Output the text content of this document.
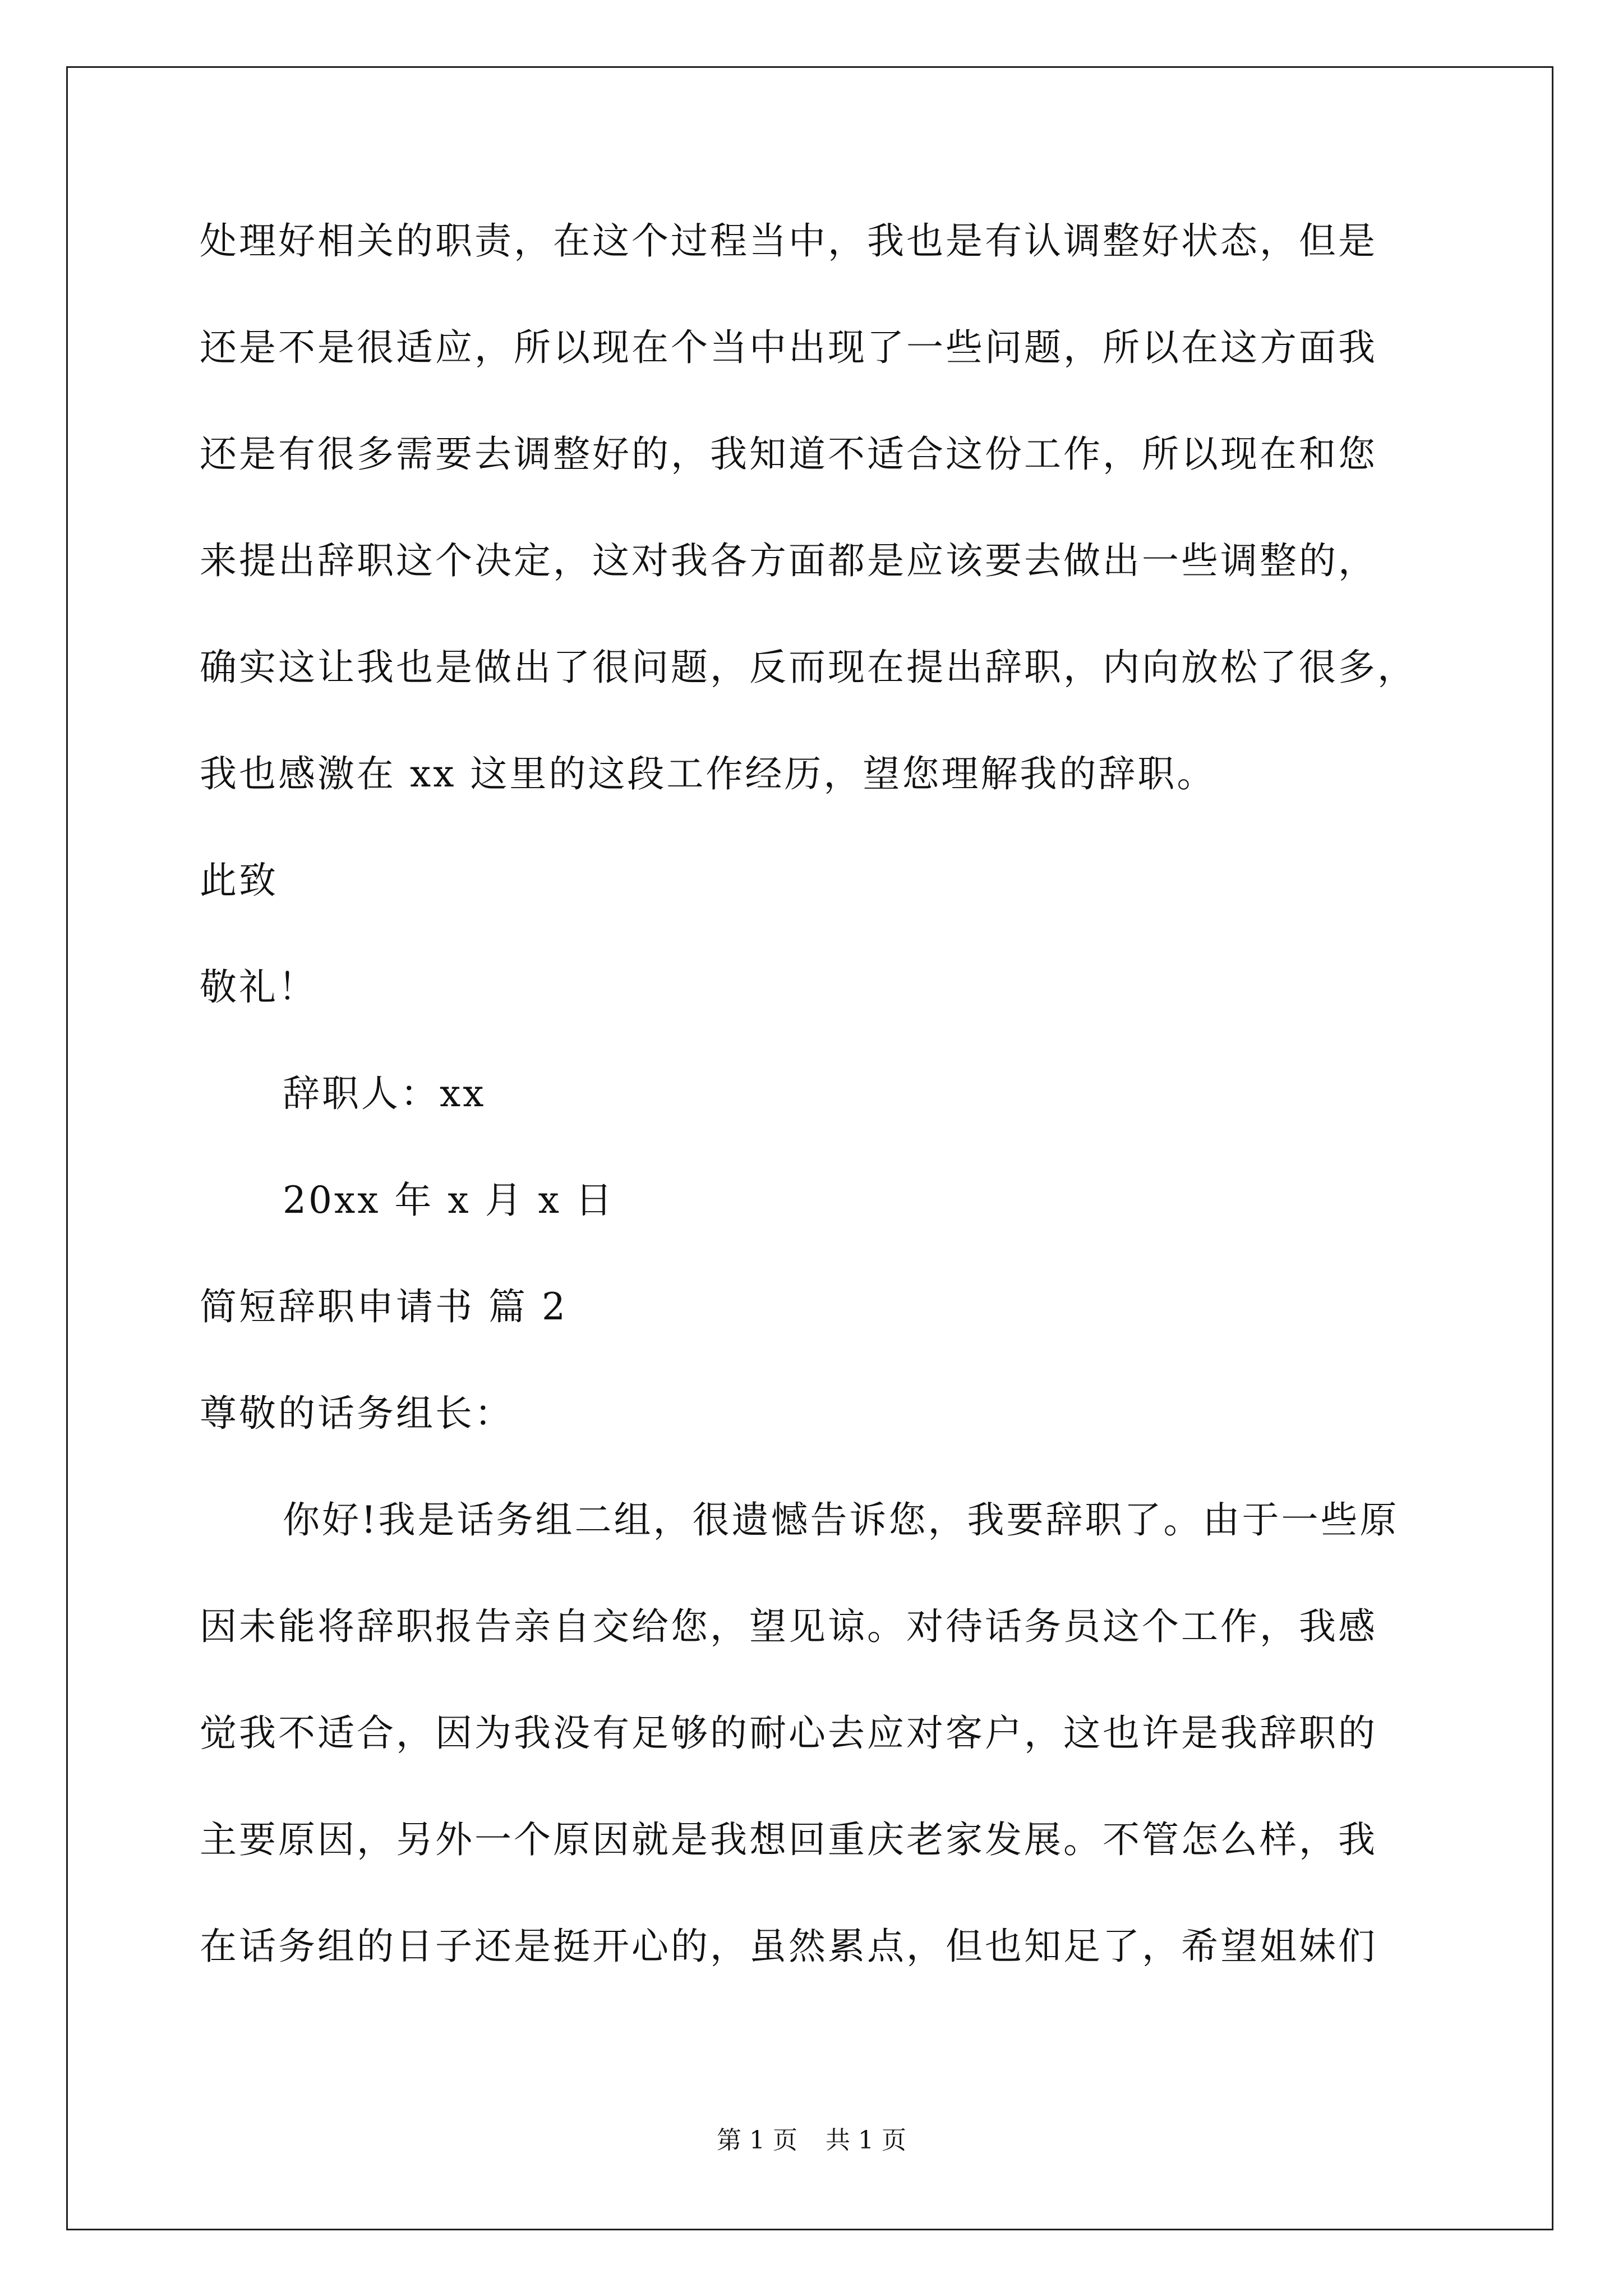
处理好相关的职责，在这个过程当中，我也是有认调整好状态，但是
还是不是很适应，所以现在个当中出现了一些问题，所以在这方面我
还是有很多需要去调整好的，我知道不适合这份工作，所以现在和您
来提出辞职这个决定，这对我各方面都是应该要去做出一些调整的，
确实这让我也是做出了很问题，反而现在提出辞职，内向放松了很多，
我也感激在 xx 这里的这段工作经历，望您理解我的辞职。
此致
敬礼！
辞职人：xx
20xx 年 x 月 x 日
简短辞职申请书 篇 2
尊敬的话务组长：
你好!我是话务组二组，很遗憾告诉您，我要辞职了。由于一些原
因未能将辞职报告亲自交给您，望见谅。对待话务员这个工作，我感
觉我不适合，因为我没有足够的耐心去应对客户，这也许是我辞职的
主要原因，另外一个原因就是我想回重庆老家发展。不管怎么样，我
在话务组的日子还是挺开心的，虽然累点，但也知足了，希望姐妹们
第 1 页 共 1 页
